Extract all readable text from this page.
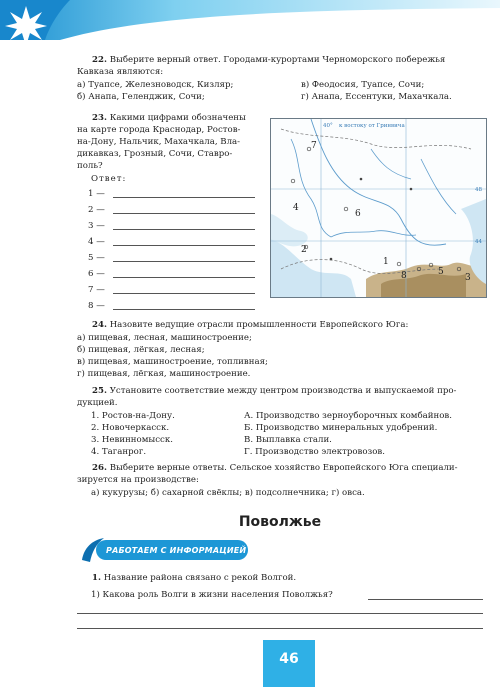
22. Выберите верный ответ. Городами-курортами Черноморского побережья
Кавказа являются:
а) Туапсе, Железноводск, Кизляр;
б) Анапа, Геленджик, Сочи;
в) Феодосия, Туапсе, Сочи;
г) Анапа, Ессентуки, Махачкала.
23. Какими цифрами обозначены
на карте города Краснодар, Ростов-
на-Дону, Нальчик, Махачкала, Вла-
дикавказ, Грозный, Сочи, Ставро-
поль?
Ответ:
1 —
2 —
3 —
4 —
5 —
6 —
7 —
8 —
к востоку от Гринвича
40°
48
44
7
4
6
2
1
8	5
3
24. Назовите ведущие отрасли промышленности Европейского Юга:
а) пищевая, лесная, машиностроение;
б) пищевая, лёгкая, лесная;
в) пищевая, машиностроение, топливная;
г) пищевая, лёгкая, машиностроение.
25. Установите соответствие между центром производства и выпускаемой про-
дукцией.
1. Ростов-на-Дону.
2. Новочеркасск.
3. Невинномысск.
4. Таганрог.
А. Производство зерноуборочных комбайнов.
Б. Производство минеральных удобрений.
В. Выплавка стали.
Г. Производство электровозов.
26. Выберите верные ответы. Сельское хозяйство Европейского Юга специали-
зируется на производстве:
а) кукурузы; б) сахарной свёклы; в) подсолнечника; г) овса.
Поволжье
РАБОТАЕМ С ИНФОРМАЦИЕЙ
1. Название района связано с рекой Волгой.
1) Какова роль Волги в жизни населения Поволжья?
46
